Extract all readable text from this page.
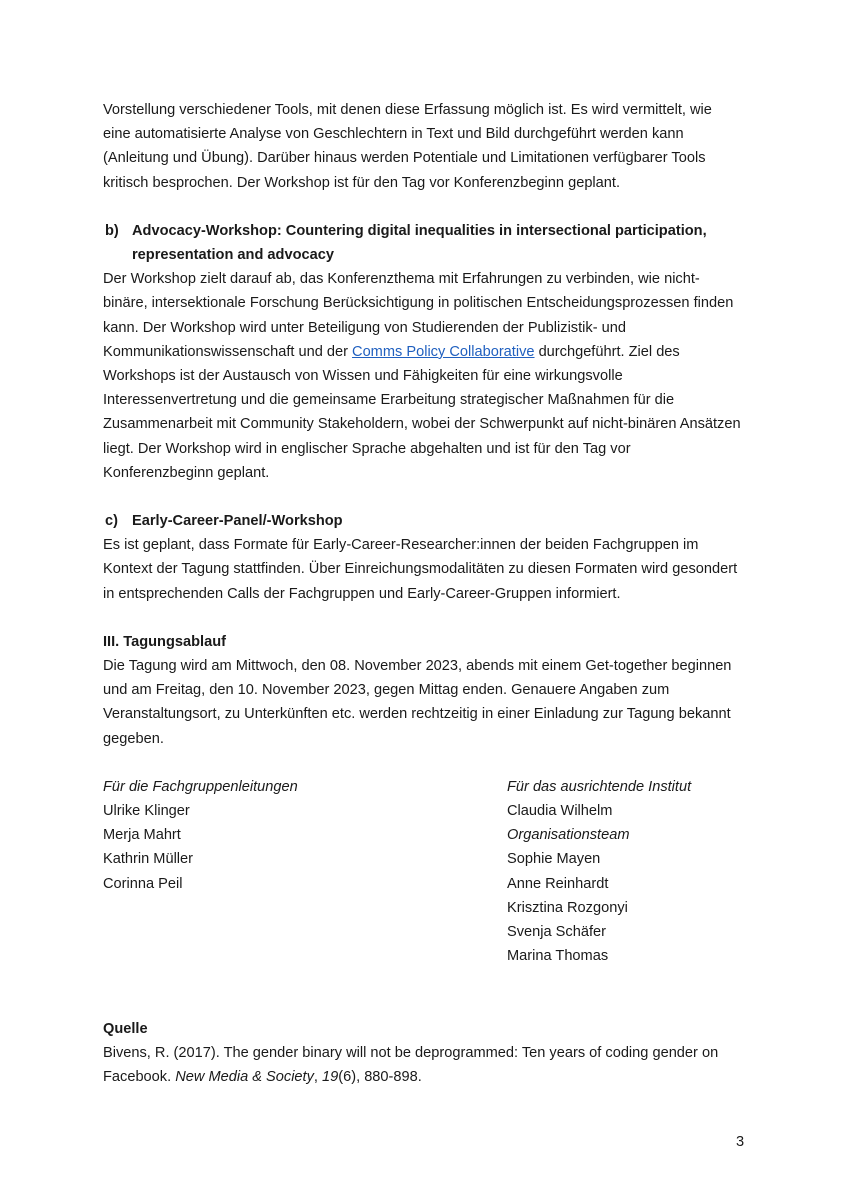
Vorstellung verschiedener Tools, mit denen diese Erfassung möglich ist. Es wird vermittelt, wie eine automatisierte Analyse von Geschlechtern in Text und Bild durchgeführt werden kann (Anleitung und Übung). Darüber hinaus werden Potentiale und Limitationen verfügbarer Tools kritisch besprochen. Der Workshop ist für den Tag vor Konferenzbeginn geplant.

b) Advocacy-Workshop: Countering digital inequalities in intersectional participation, representation and advocacy

Der Workshop zielt darauf ab, das Konferenzthema mit Erfahrungen zu verbinden, wie nicht-binäre, intersektionale Forschung Berücksichtigung in politischen Entscheidungsprozessen finden kann. Der Workshop wird unter Beteiligung von Studierenden der Publizistik- und Kommunikationswissenschaft und der Comms Policy Collaborative durchgeführt. Ziel des Workshops ist der Austausch von Wissen und Fähigkeiten für eine wirkungsvolle Interessenvertretung und die gemeinsame Erarbeitung strategischer Maßnahmen für die Zusammenarbeit mit Community Stakeholdern, wobei der Schwerpunkt auf nicht-binären Ansätzen liegt. Der Workshop wird in englischer Sprache abgehalten und ist für den Tag vor Konferenzbeginn geplant.

c) Early-Career-Panel/-Workshop

Es ist geplant, dass Formate für Early-Career-Researcher:innen der beiden Fachgruppen im Kontext der Tagung stattfinden. Über Einreichungsmodalitäten zu diesen Formaten wird gesondert in entsprechenden Calls der Fachgruppen und Early-Career-Gruppen informiert.

III. Tagungsablauf

Die Tagung wird am Mittwoch, den 08. November 2023, abends mit einem Get-together beginnen und am Freitag, den 10. November 2023, gegen Mittag enden. Genauere Angaben zum Veranstaltungsort, zu Unterkünften etc. werden rechtzeitig in einer Einladung zur Tagung bekannt gegeben.

Für die Fachgruppenleitungen

Ulrike Klinger

Merja Mahrt

Kathrin Müller

Corinna Peil

Für das ausrichtende Institut

Claudia Wilhelm

Organisationsteam

Sophie Mayen

Anne Reinhardt

Krisztina Rozgonyi

Svenja Schäfer

Marina Thomas

Quelle

Bivens, R. (2017). The gender binary will not be deprogrammed: Ten years of coding gender on Facebook. New Media & Society, 19(6), 880-898.

3
